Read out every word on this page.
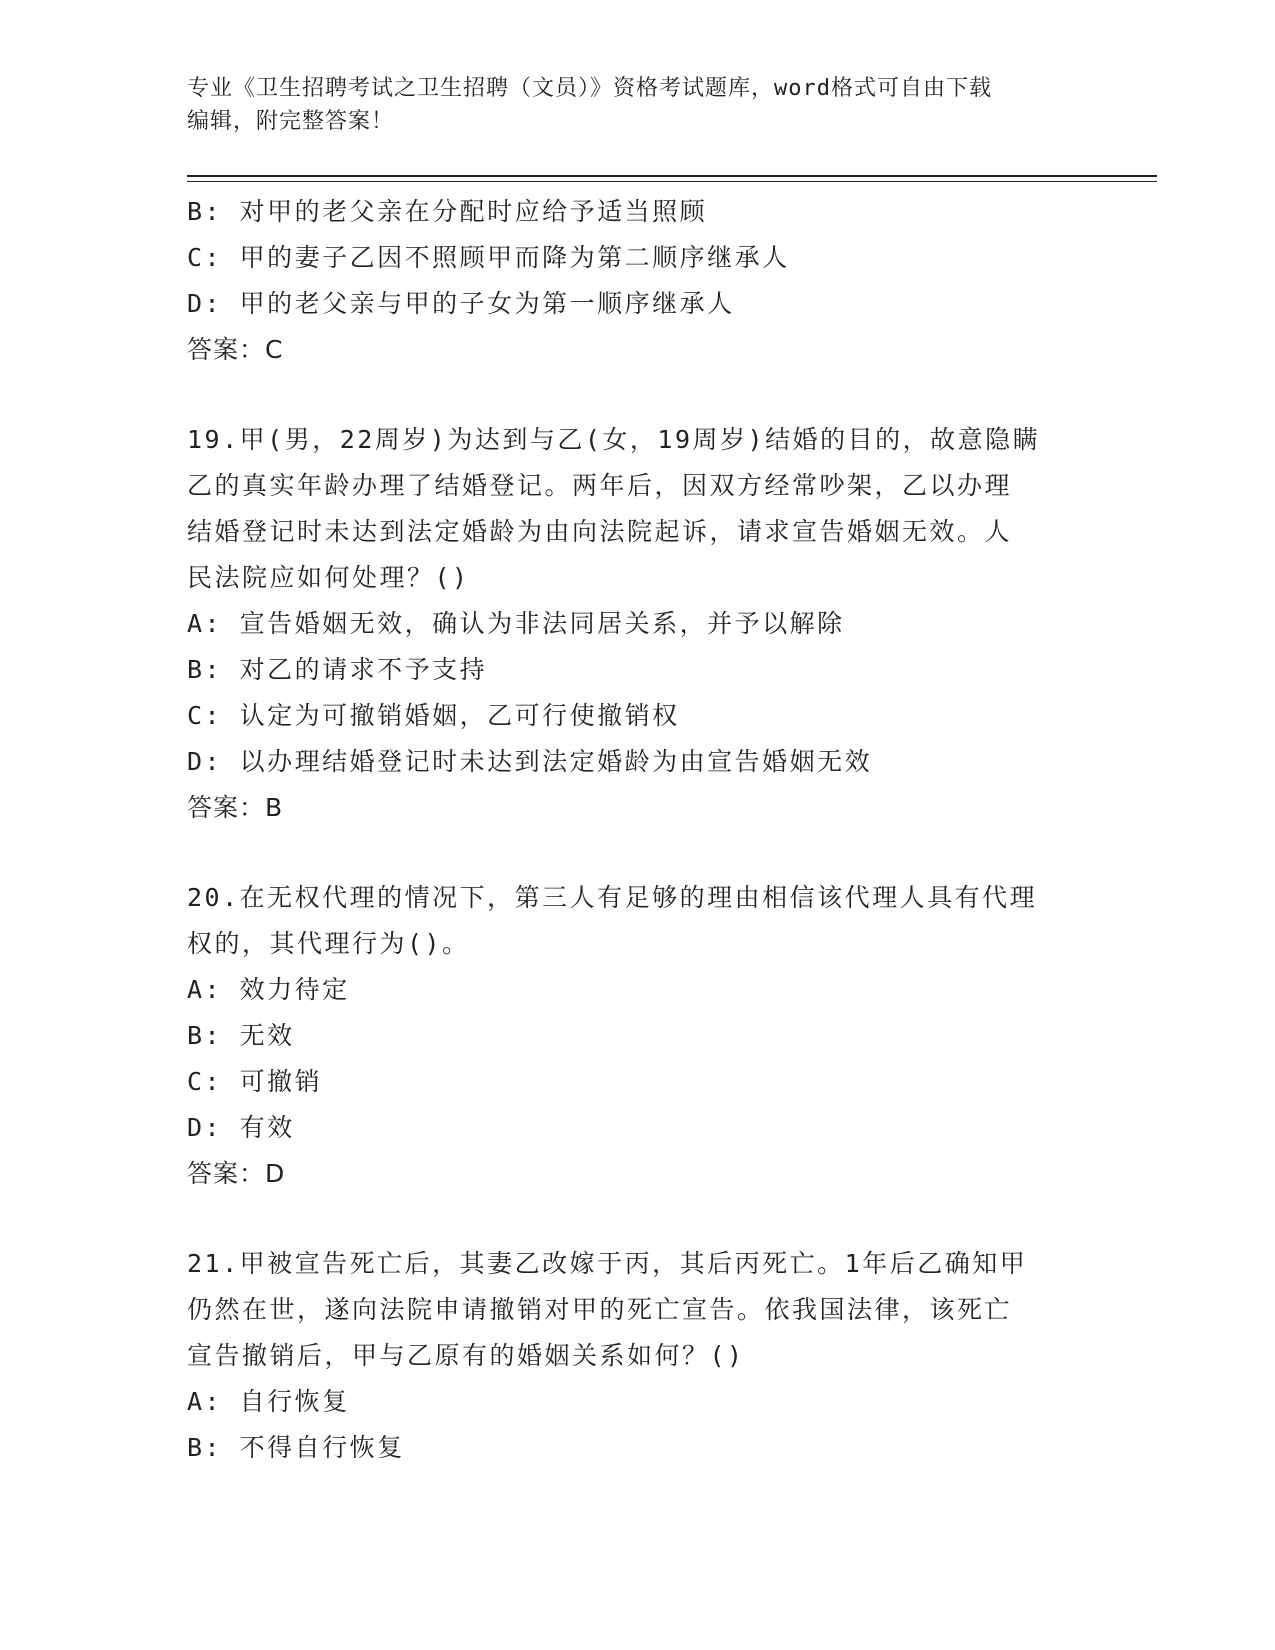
专业《卫生招聘考试之卫生招聘（文员）》资格考试题库，word格式可自由下载
编辑，附完整答案！
B: 对甲的老父亲在分配时应给予适当照顾
C: 甲的妻子乙因不照顾甲而降为第二顺序继承人
D: 甲的老父亲与甲的子女为第一顺序继承人
答案：C
19.甲(男，22周岁)为达到与乙(女，19周岁)结婚的目的，故意隐瞒
乙的真实年龄办理了结婚登记。两年后，因双方经常吵架，乙以办理
结婚登记时未达到法定婚龄为由向法院起诉，请求宣告婚姻无效。人
民法院应如何处理？()
A: 宣告婚姻无效，确认为非法同居关系，并予以解除
B: 对乙的请求不予支持
C: 认定为可撤销婚姻，乙可行使撤销权
D: 以办理结婚登记时未达到法定婚龄为由宣告婚姻无效
答案：B
20.在无权代理的情况下，第三人有足够的理由相信该代理人具有代理
权的，其代理行为()。
A: 效力待定
B: 无效
C: 可撤销
D: 有效
答案：D
21.甲被宣告死亡后，其妻乙改嫁于丙，其后丙死亡。1年后乙确知甲
仍然在世，遂向法院申请撤销对甲的死亡宣告。依我国法律，该死亡
宣告撤销后，甲与乙原有的婚姻关系如何？()
A: 自行恢复
B: 不得自行恢复
